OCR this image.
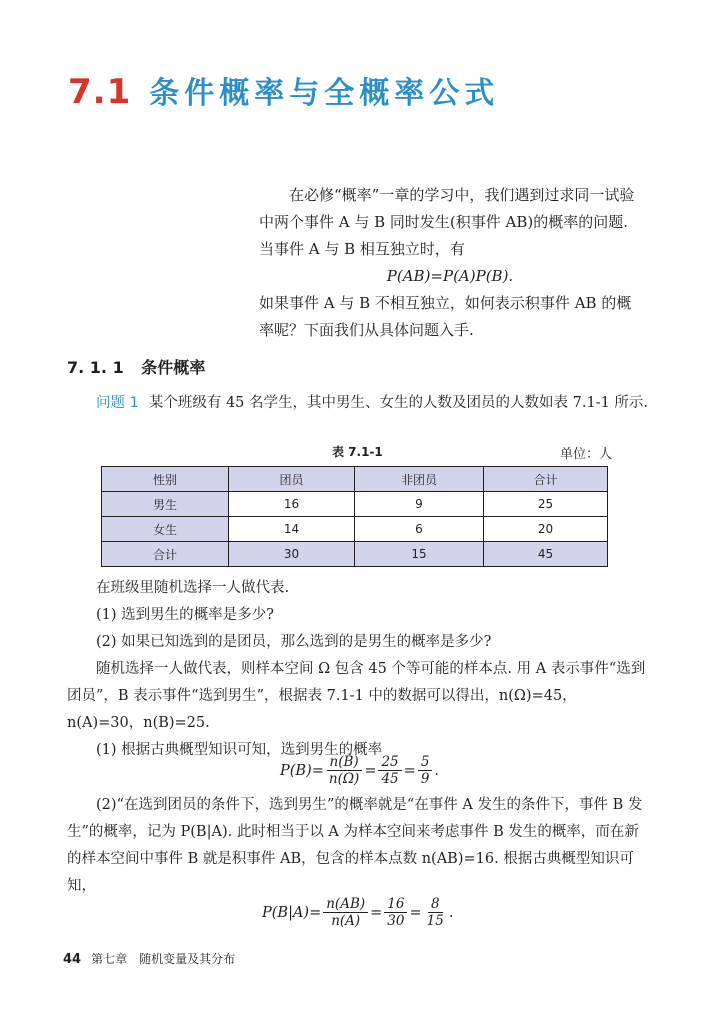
7.1 条件概率与全概率公式

在必修“概率”一章的学习中，我们遇到过求同一试验中两个事件 A 与 B 同时发生(积事件 AB)的概率的问题. 当事件 A 与 B 相互独立时，有

P(AB)=P(A)P(B).

如果事件 A 与 B 不相互独立，如何表示积事件 AB 的概率呢？下面我们从具体问题入手.

7. 1. 1 条件概率

问题 1 某个班级有 45 名学生，其中男生、女生的人数及团员的人数如表 7.1-1 所示.

表 7.1-1	单位：人
性别	团员	非团员	合计
男生	16	9	25
女生	14	6	20
合计	30	15	45

在班级里随机选择一人做代表.

(1) 选到男生的概率是多少?

(2) 如果已知选到的是团员，那么选到的是男生的概率是多少?

随机选择一人做代表，则样本空间 Ω 包含 45 个等可能的样本点. 用 A 表示事件“选到团员”，B 表示事件“选到男生”，根据表 7.1-1 中的数据可以得出，n(Ω)=45，n(A)=30，n(B)=25.

(1) 根据古典概型知识可知，选到男生的概率

$P(B)= \frac{n(B)}{n(\Omega)} = \frac{25}{45} = \frac{5}{9}$ .

(2)“在选到团员的条件下，选到男生”的概率就是“在事件 A 发生的条件下，事件 B 发生”的概率，记为 P(B|A). 此时相当于以 A 为样本空间来考虑事件 B 发生的概率，而在新的样本空间中事件 B 就是积事件 AB，包含的样本点数 n(AB)=16. 根据古典概型知识可知，

$P(B|A)= \frac{n(AB)}{n(A)} = \frac{16}{30} = \frac{8}{15}$ .
44 第七章　随机变量及其分布
